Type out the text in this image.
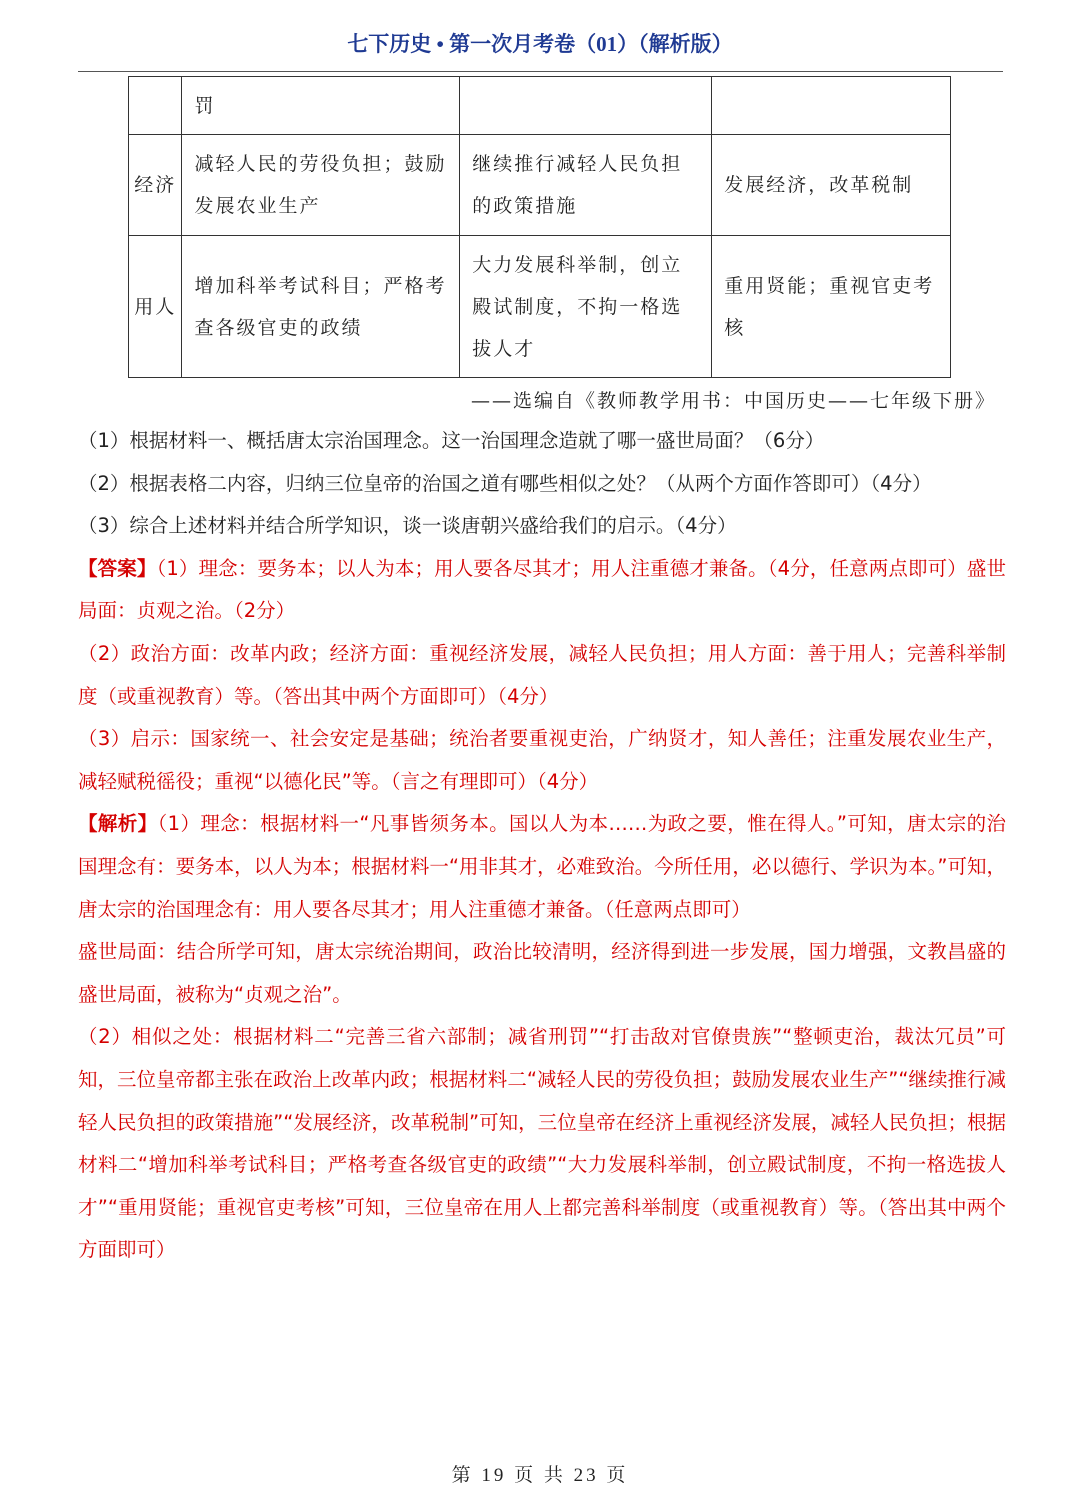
七下历史 • 第一次月考卷（01）（解析版）
	罚		
经济	减轻人民的劳役负担；鼓励发展农业生产	继续推行减轻人民负担的政策措施	发展经济，改革税制
用人	增加科举考试科目；严格考查各级官吏的政绩	大力发展科举制，创立殿试制度，不拘一格选拔人才	重用贤能；重视官吏考核
——选编自《教师教学用书：中国历史——七年级下册》

（1）根据材料一、概括唐太宗治国理念。这一治国理念造就了哪一盛世局面？（6分）

（2）根据表格二内容，归纳三位皇帝的治国之道有哪些相似之处？（从两个方面作答即可）（4分）

（3）综合上述材料并结合所学知识，谈一谈唐朝兴盛给我们的启示。（4分）

【答案】（1）理念：要务本；以人为本；用人要各尽其才；用人注重德才兼备。（4分，任意两点即可）盛世局面：贞观之治。（2分）

（2）政治方面：改革内政；经济方面：重视经济发展，减轻人民负担；用人方面：善于用人；完善科举制度（或重视教育）等。（答出其中两个方面即可）（4分）

（3）启示：国家统一、社会安定是基础；统治者要重视吏治，广纳贤才，知人善任；注重发展农业生产，减轻赋税徭役；重视“以德化民”等。（言之有理即可）（4分）

【解析】（1）理念：根据材料一“凡事皆须务本。国以人为本……为政之要，惟在得人。”可知，唐太宗的治国理念有：要务本，以人为本；根据材料一“用非其才，必难致治。今所任用，必以德行、学识为本。”可知，唐太宗的治国理念有：用人要各尽其才；用人注重德才兼备。（任意两点即可）

盛世局面：结合所学可知，唐太宗统治期间，政治比较清明，经济得到进一步发展，国力增强，文教昌盛的盛世局面，被称为“贞观之治”。

（2）相似之处：根据材料二“完善三省六部制；减省刑罚”“打击敌对官僚贵族”“整顿吏治，裁汰冗员”可知，三位皇帝都主张在政治上改革内政；根据材料二“减轻人民的劳役负担；鼓励发展农业生产”“继续推行减轻人民负担的政策措施”“发展经济，改革税制”可知，三位皇帝在经济上重视经济发展，减轻人民负担；根据材料二“增加科举考试科目；严格考查各级官吏的政绩”“大力发展科举制，创立殿试制度，不拘一格选拔人才”“重用贤能；重视官吏考核”可知，三位皇帝在用人上都完善科举制度（或重视教育）等。（答出其中两个方面即可）

第 19 页 共 23 页
